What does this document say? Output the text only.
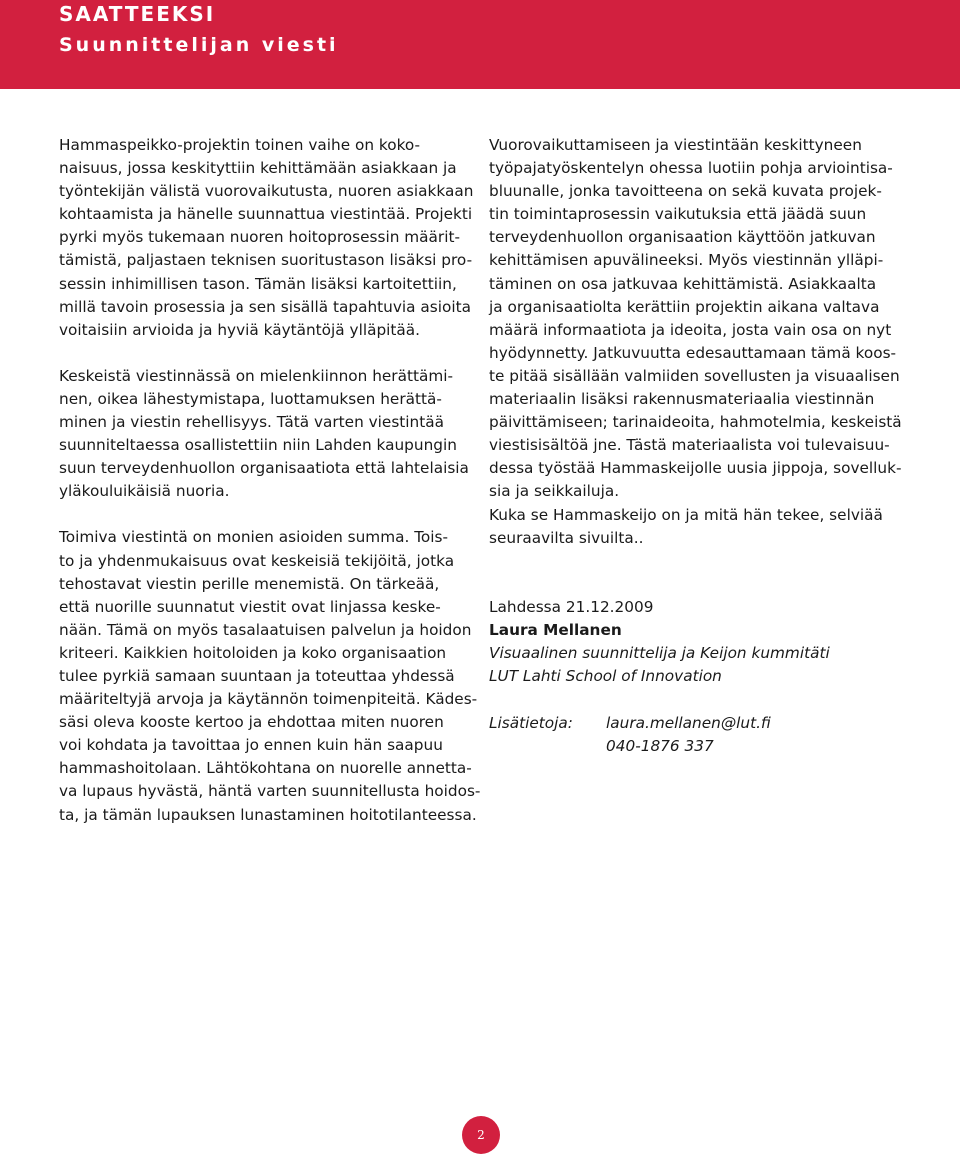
SAATTEEKSI
Suunnittelijan viesti
Hammaspeikko-projektin toinen vaihe on koko-
naisuus, jossa keskityttiin kehittämään asiakkaan ja
työntekijän välistä vuorovaikutusta, nuoren asiakkaan
kohtaamista ja hänelle suunnattua viestintää. Projekti
pyrki myös tukemaan nuoren hoitoprosessin määrit-
tämistä, paljastaen teknisen suoritustason lisäksi pro-
sessin inhimillisen tason. Tämän lisäksi kartoitettiin,
millä tavoin prosessia ja sen sisällä tapahtuvia asioita
voitaisiin arvioida ja hyviä käytäntöjä ylläpitää.
Keskeistä viestinnässä on mielenkiinnon herättämi-
nen, oikea lähestymistapa, luottamuksen herättä-
minen ja viestin rehellisyys. Tätä varten viestintää
suunniteltaessa osallistettiin niin Lahden kaupungin
suun terveydenhuollon organisaatiota että lahtelaisia
yläkouluikäisiä nuoria.
Toimiva viestintä on monien asioiden summa. Tois-
to ja yhdenmukaisuus ovat keskeisiä tekijöitä, jotka
tehostavat viestin perille menemistä. On tärkeää,
että nuorille suunnatut viestit ovat linjassa keske-
nään. Tämä on myös tasalaatuisen palvelun ja hoidon
kriteeri. Kaikkien hoitoloiden ja koko organisaation
tulee pyrkiä samaan suuntaan ja toteuttaa yhdessä
määriteltyjä arvoja ja käytännön toimenpiteitä. Kädes-
säsi oleva kooste kertoo ja ehdottaa miten nuoren
voi kohdata ja tavoittaa jo ennen kuin hän saapuu
hammashoitolaan. Lähtökohtana on nuorelle annetta-
va lupaus hyvästä, häntä varten suunnitellusta hoidos-
ta, ja tämän lupauksen lunastaminen hoitotilanteessa.
Vuorovaikuttamiseen ja viestintään keskittyneen
työpajatyöskentelyn ohessa luotiin pohja arviointisa-
bluunalle, jonka tavoitteena on sekä kuvata projek-
tin toimintaprosessin vaikutuksia että jäädä suun
terveydenhuollon organisaation käyttöön jatkuvan
kehittämisen apuvälineeksi. Myös viestinnän ylläpi-
täminen on osa jatkuvaa kehittämistä. Asiakkaalta
ja organisaatiolta kerättiin projektin aikana valtava
määrä informaatiota ja ideoita, josta vain osa on nyt
hyödynnetty. Jatkuvuutta edesauttamaan tämä koos-
te pitää sisällään valmiiden sovellusten ja visuaalisen
materiaalin lisäksi rakennusmateriaalia viestinnän
päivittämiseen; tarinaideoita, hahmotelmia, keskeistä
viestisisältöä jne. Tästä materiaalista voi tulevaisuu-
dessa työstää Hammaskeijolle uusia jippoja, sovelluk-
sia ja seikkailuja.
Kuka se Hammaskeijo on ja mitä hän tekee, selviää
seuraavilta sivuilta..
Lahdessa 21.12.2009
Laura Mellanen
Visuaalinen suunnittelija ja Keijon kummitäti
LUT Lahti School of Innovation
Lisätietoja: laura.mellanen@lut.fi
040-1876 337
2
